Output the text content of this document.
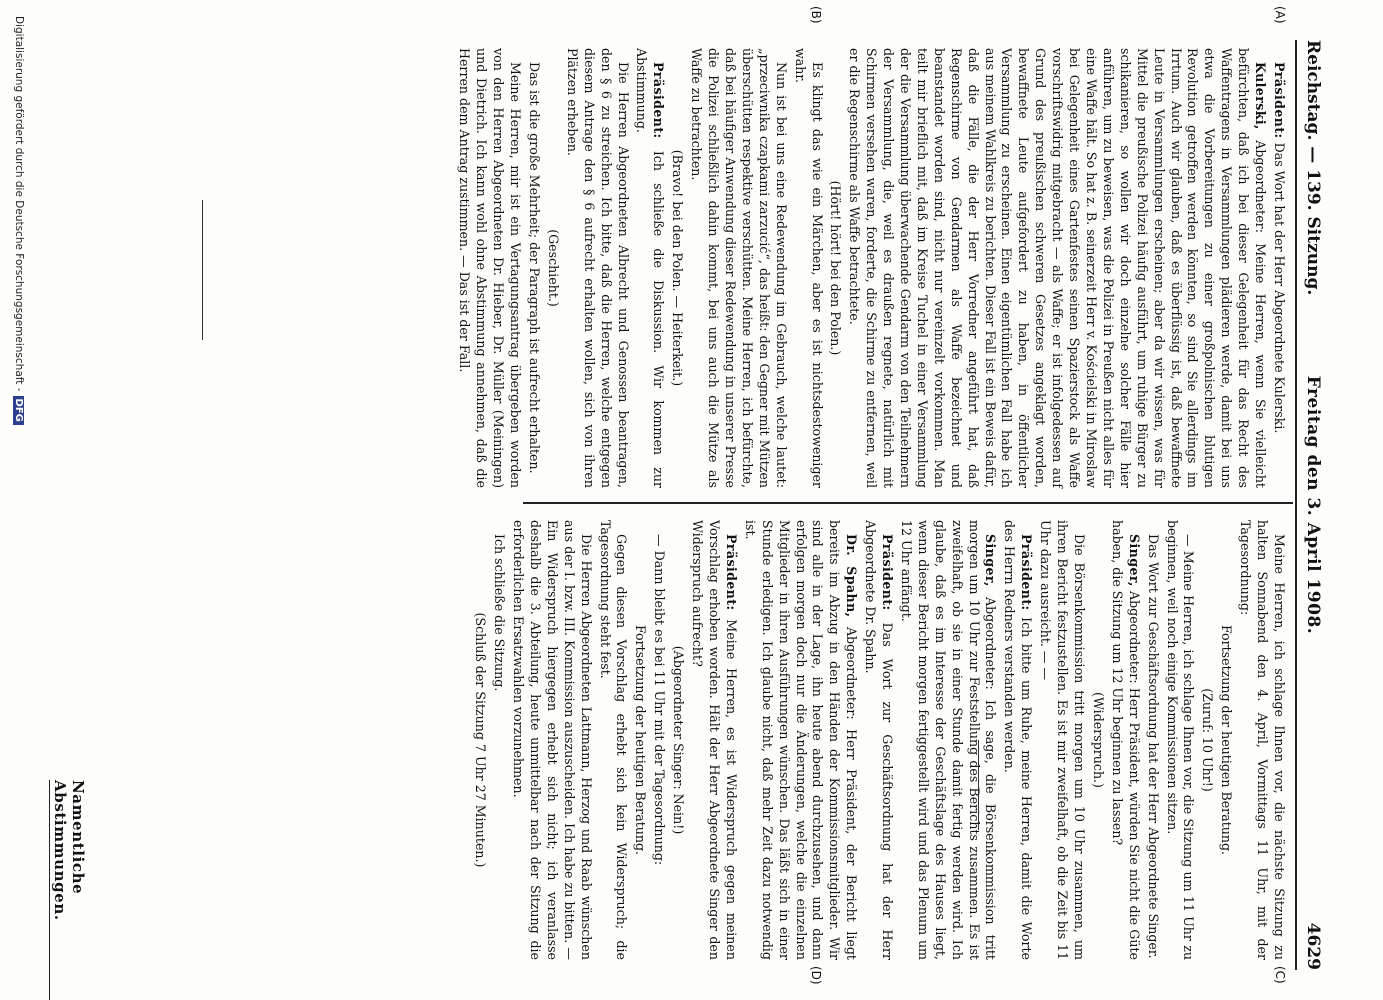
Reichstag. — 139. Sitzung.
Freitag den 3. April 1908.
4629
(A)
(B)
(C)
(D)

Präsident: Das Wort hat der Herr Abgeordnete Kulerski.

Kulerski, Abgeordneter: Meine Herren, wenn Sie vielleicht befürchten, daß ich bei dieser Gelegenheit für das Recht des Waffentragens in Versammlungen plädieren werde, damit bei uns etwa die Vorbereitungen zu einer großpolnischen blutigen Revolution getroffen werden könnten, so sind Sie allerdings im Irrtum. Auch wir glauben, daß es überflüssig ist, daß bewaffnete Leute in Versammlungen erscheinen; aber da wir wissen, was für Mittel die preußische Polizei häufig ausführt, um ruhige Bürger zu schikanieren, so wollen wir doch einzelne solcher Fälle hier anführen, um zu beweisen, was die Polizei in Preußen nicht alles für eine Waffe hält. So hat z. B. seinerzeit Herr v. Kościelski in Miroslaw bei Gelegenheit eines Gartenfestes seinen Spazierstock als Waffe vorschriftswidrig mitgebracht — als Waffe; er ist infolgedessen auf Grund des preußischen schweren Gesetzes angeklagt worden, bewaffnete Leute aufgefordert zu haben, in öffentlicher Versammlung zu erscheinen. Einen eigentümlichen Fall habe ich aus meinem Wahlkreis zu berichten. Dieser Fall ist ein Beweis dafür, daß die Fälle, die der Herr Vorredner angeführt hat, daß Regenschirme von Gendarmen als Waffe bezeichnet und beanstandet worden sind, nicht nur vereinzelt vorkommen. Man teilt mir brieflich mit, daß im Kreise Tuchel in einer Versammlung der die Versammlung überwachende Gendarm von den Teilnehmern der Versammlung, die, weil es draußen regnete, natürlich mit Schirmen versehen waren, forderte, die Schirme zu entfernen, weil er die Regenschirme als Waffe betrachtete.

(Hört! hört! bei den Polen.)

Es klingt das wie ein Märchen, aber es ist nichtsdestoweniger wahr.

Nun ist bei uns eine Redewendung im Gebrauch, welche lautet: „przeciwnika czapkami zarzucić“, das heißt: den Gegner mit Mützen überschütten respektive verschütten. Meine Herren, ich befürchte, daß bei häufiger Anwendung dieser Redewendung in unserer Presse die Polizei schließlich dahin kommt, bei uns auch die Mütze als Waffe zu betrachten.

(Bravo! bei den Polen. — Heiterkeit.)

Präsident: Ich schließe die Diskussion. Wir kommen zur Abstimmung.

Die Herren Abgeordneten Albrecht und Genossen beantragen, den § 6 zu streichen. Ich bitte, daß die Herren, welche entgegen diesem Antrage den § 6 aufrecht erhalten wollen, sich von ihren Plätzen erheben.

(Geschieht.)

Das ist die große Mehrheit; der Paragraph ist aufrecht erhalten.

Meine Herren, mir ist ein Vertagungsantrag übergeben worden von den Herren Abgeordneten Dr. Hieber, Dr. Müller (Meiningen) und Dietrich. Ich kann wohl ohne Abstimmung annehmen, daß die Herren dem Antrag zustimmen. — Das ist der Fall.

Meine Herren, ich schlage Ihnen vor, die nächste Sitzung zu halten Sonnabend den 4. April, Vormittags 11 Uhr, mit der Tagesordnung:

Fortsetzung der heutigen Beratung.

(Zuruf: 10 Uhr!)

— Meine Herren, ich schlage Ihnen vor, die Sitzung um 11 Uhr zu beginnen, weil noch einige Kommissionen sitzen.

Das Wort zur Geschäftsordnung hat der Herr Abgeordnete Singer.

Singer, Abgeordneter: Herr Präsident, würden Sie nicht die Güte haben, die Sitzung um 12 Uhr beginnen zu lassen?

(Widerspruch.)

Die Börsenkommission tritt morgen um 10 Uhr zusammen, um ihren Bericht festzustellen. Es ist mir zweifelhaft, ob die Zeit bis 11 Uhr dazu ausreicht. — —

Präsident: Ich bitte um Ruhe, meine Herren, damit die Worte des Herrn Redners verstanden werden.

Singer, Abgeordneter: Ich sage, die Börsenkommission tritt morgen um 10 Uhr zur Feststellung des Berichts zusammen. Es ist zweifelhaft, ob sie in einer Stunde damit fertig werden wird. Ich glaube, daß es im Interesse der Geschäftslage des Hauses liegt, wenn dieser Bericht morgen fertiggestellt wird und das Plenum um 12 Uhr anfängt.

Präsident: Das Wort zur Geschäftsordnung hat der Herr Abgeordnete Dr. Spahn.

Dr. Spahn, Abgeordneter: Herr Präsident, der Bericht liegt bereits im Abzug in den Händen der Kommissionsmitglieder. Wir sind alle in der Lage, ihn heute abend durchzusehen, und dann erfolgen morgen doch nur die Änderungen, welche die einzelnen Mitglieder in ihren Ausführungen wünschen. Das läßt sich in einer Stunde erledigen. Ich glaube nicht, daß mehr Zeit dazu notwendig ist.

Präsident: Meine Herren, es ist Widerspruch gegen meinen Vorschlag erhoben worden. Hält der Herr Abgeordnete Singer den Widerspruch aufrecht?

(Abgeordneter Singer: Nein!)

— Dann bleibt es bei 11 Uhr mit der Tagesordnung:

Fortsetzung der heutigen Beratung.

Gegen diesen Vorschlag erhebt sich kein Widerspruch; die Tagesordnung steht fest.

Die Herren Abgeordneten Lattmann, Herzog und Raab wünschen aus der I. bzw. III. Kommission auszuscheiden. Ich habe zu bitten. — Ein Widerspruch hiergegen erhebt sich nicht; ich veranlasse deshalb die 3. Abteilung, heute unmittelbar nach der Sitzung die erforderlichen Ersatzwahlen vorzunehmen.

Ich schließe die Sitzung.

(Schluß der Sitzung 7 Uhr 27 Minuten.)

Namentliche Abstimmungen.
Digitalisierung gefördert durch die Deutsche Forschungsgemeinschaft -DFG
